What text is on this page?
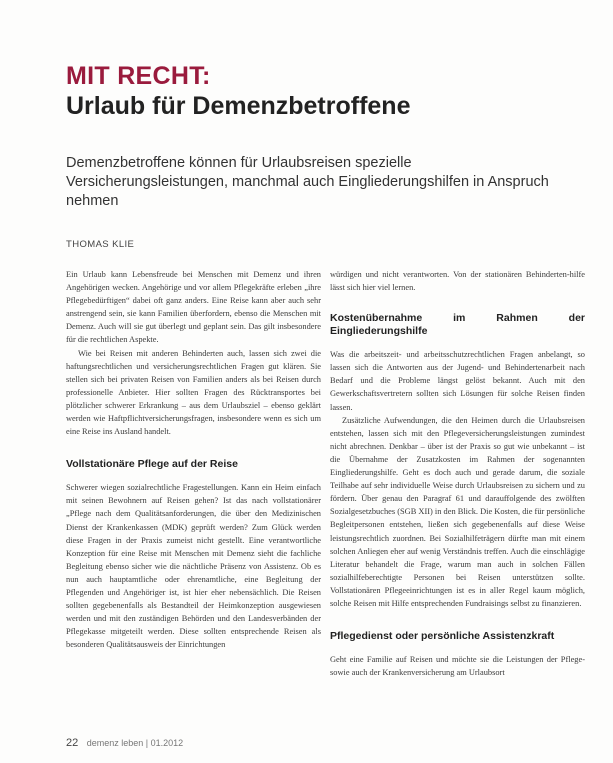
MIT RECHT:
Urlaub für Demenzbetroffene
Demenzbetroffene können für Urlaubsreisen spezielle Versicherungsleistungen, manchmal auch Eingliederungshilfen in Anspruch nehmen
THOMAS KLIE

Ein Urlaub kann Lebensfreude bei Menschen mit Demenz und ihren Angehörigen wecken. Angehörige und vor allem Pflegekräfte erleben „ihre Pflegebedürftigen“ dabei oft ganz anders. Eine Reise kann aber auch sehr anstrengend sein, sie kann Familien überfordern, ebenso die Menschen mit Demenz. Auch will sie gut überlegt und geplant sein. Das gilt insbesondere für die rechtlichen Aspekte.

Wie bei Reisen mit anderen Behinderten auch, lassen sich zwei die haftungsrechtlichen und versicherungsrechtlichen Fragen gut klären. Sie stellen sich bei privaten Reisen von Familien anders als bei Reisen durch professionelle Anbieter. Hier sollten Fragen des Rücktransportes bei plötzlicher schwerer Erkrankung – aus dem Urlaubsziel – ebenso geklärt werden wie Haftpflichtversicherungsfragen, insbesondere wenn es sich um eine Reise ins Ausland handelt.

Vollstationäre Pflege auf der Reise

Schwerer wiegen sozialrechtliche Fragestellungen. Kann ein Heim einfach mit seinen Bewohnern auf Reisen gehen? Ist das nach vollstationärer „Pflege nach dem Qualitätsanforderungen, die über den Medizinischen Dienst der Krankenkassen (MDK) geprüft werden? Zum Glück werden diese Fragen in der Praxis zumeist nicht gestellt. Eine verantwortliche Konzeption für eine Reise mit Menschen mit Demenz sieht die fachliche Begleitung ebenso sicher wie die nächtliche Präsenz von Assistenz. Ob es nun auch hauptamtliche oder ehrenamtliche, eine Begleitung der Pflegenden und Angehöriger ist, ist hier eher nebensächlich. Die Reisen sollten gegebenenfalls als Bestandteil der Heimkonzeption ausgewiesen werden und mit den zuständigen Behörden und den Landesverbänden der Pflegekasse mitgeteilt werden. Diese sollten entsprechende Reisen als besonderen Qualitätsausweis der Einrichtungen

würdigen und nicht verantworten. Von der stationären Behinderten-hilfe lässt sich hier viel lernen.

Kostenübernahme im Rahmen der Eingliederungshilfe

Was die arbeitszeit- und arbeitsschutzrechtlichen Fragen anbelangt, so lassen sich die Antworten aus der Jugend- und Behindertenarbeit nach Bedarf und die Probleme längst gelöst bekannt. Auch mit den Gewerkschaftsvertretern sollten sich Lösungen für solche Reisen finden lassen.

Zusätzliche Aufwendungen, die den Heimen durch die Urlaubsreisen entstehen, lassen sich mit den Pflegeversicherungsleistungen zumindest nicht abrechnen. Denkbar – über ist der Praxis so gut wie unbekannt – ist die Übernahme der Zusatzkosten im Rahmen der sogenannten Eingliederungshilfe. Geht es doch auch und gerade darum, die soziale Teilhabe auf sehr individuelle Weise durch Urlaubsreisen zu sichern und zu fördern. Über genau den Paragraf 61 und darauffolgende des zwölften Sozialgesetzbuches (SGB XII) in den Blick. Die Kosten, die für persönliche Begleitpersonen entstehen, ließen sich gegebenenfalls auf diese Weise leistungsrechtlich zuordnen. Bei Sozialhilfeträgern dürfte man mit einem solchen Anliegen eher auf wenig Verständnis treffen. Auch die einschlägige Literatur behandelt die Frage, warum man auch in solchen Fällen sozialhilfeberechtigte Personen bei Reisen unterstützen sollte. Vollstationären Pflegeeinrichtungen ist es in aller Regel kaum möglich, solche Reisen mit Hilfe entsprechenden Fundraisings selbst zu finanzieren.

Pflegedienst oder persönliche Assistenzkraft

Geht eine Familie auf Reisen und möchte sie die Leistungen der Pflege- sowie auch der Krankenversicherung am Urlaubsort

22 demenz leben | 01.2012
